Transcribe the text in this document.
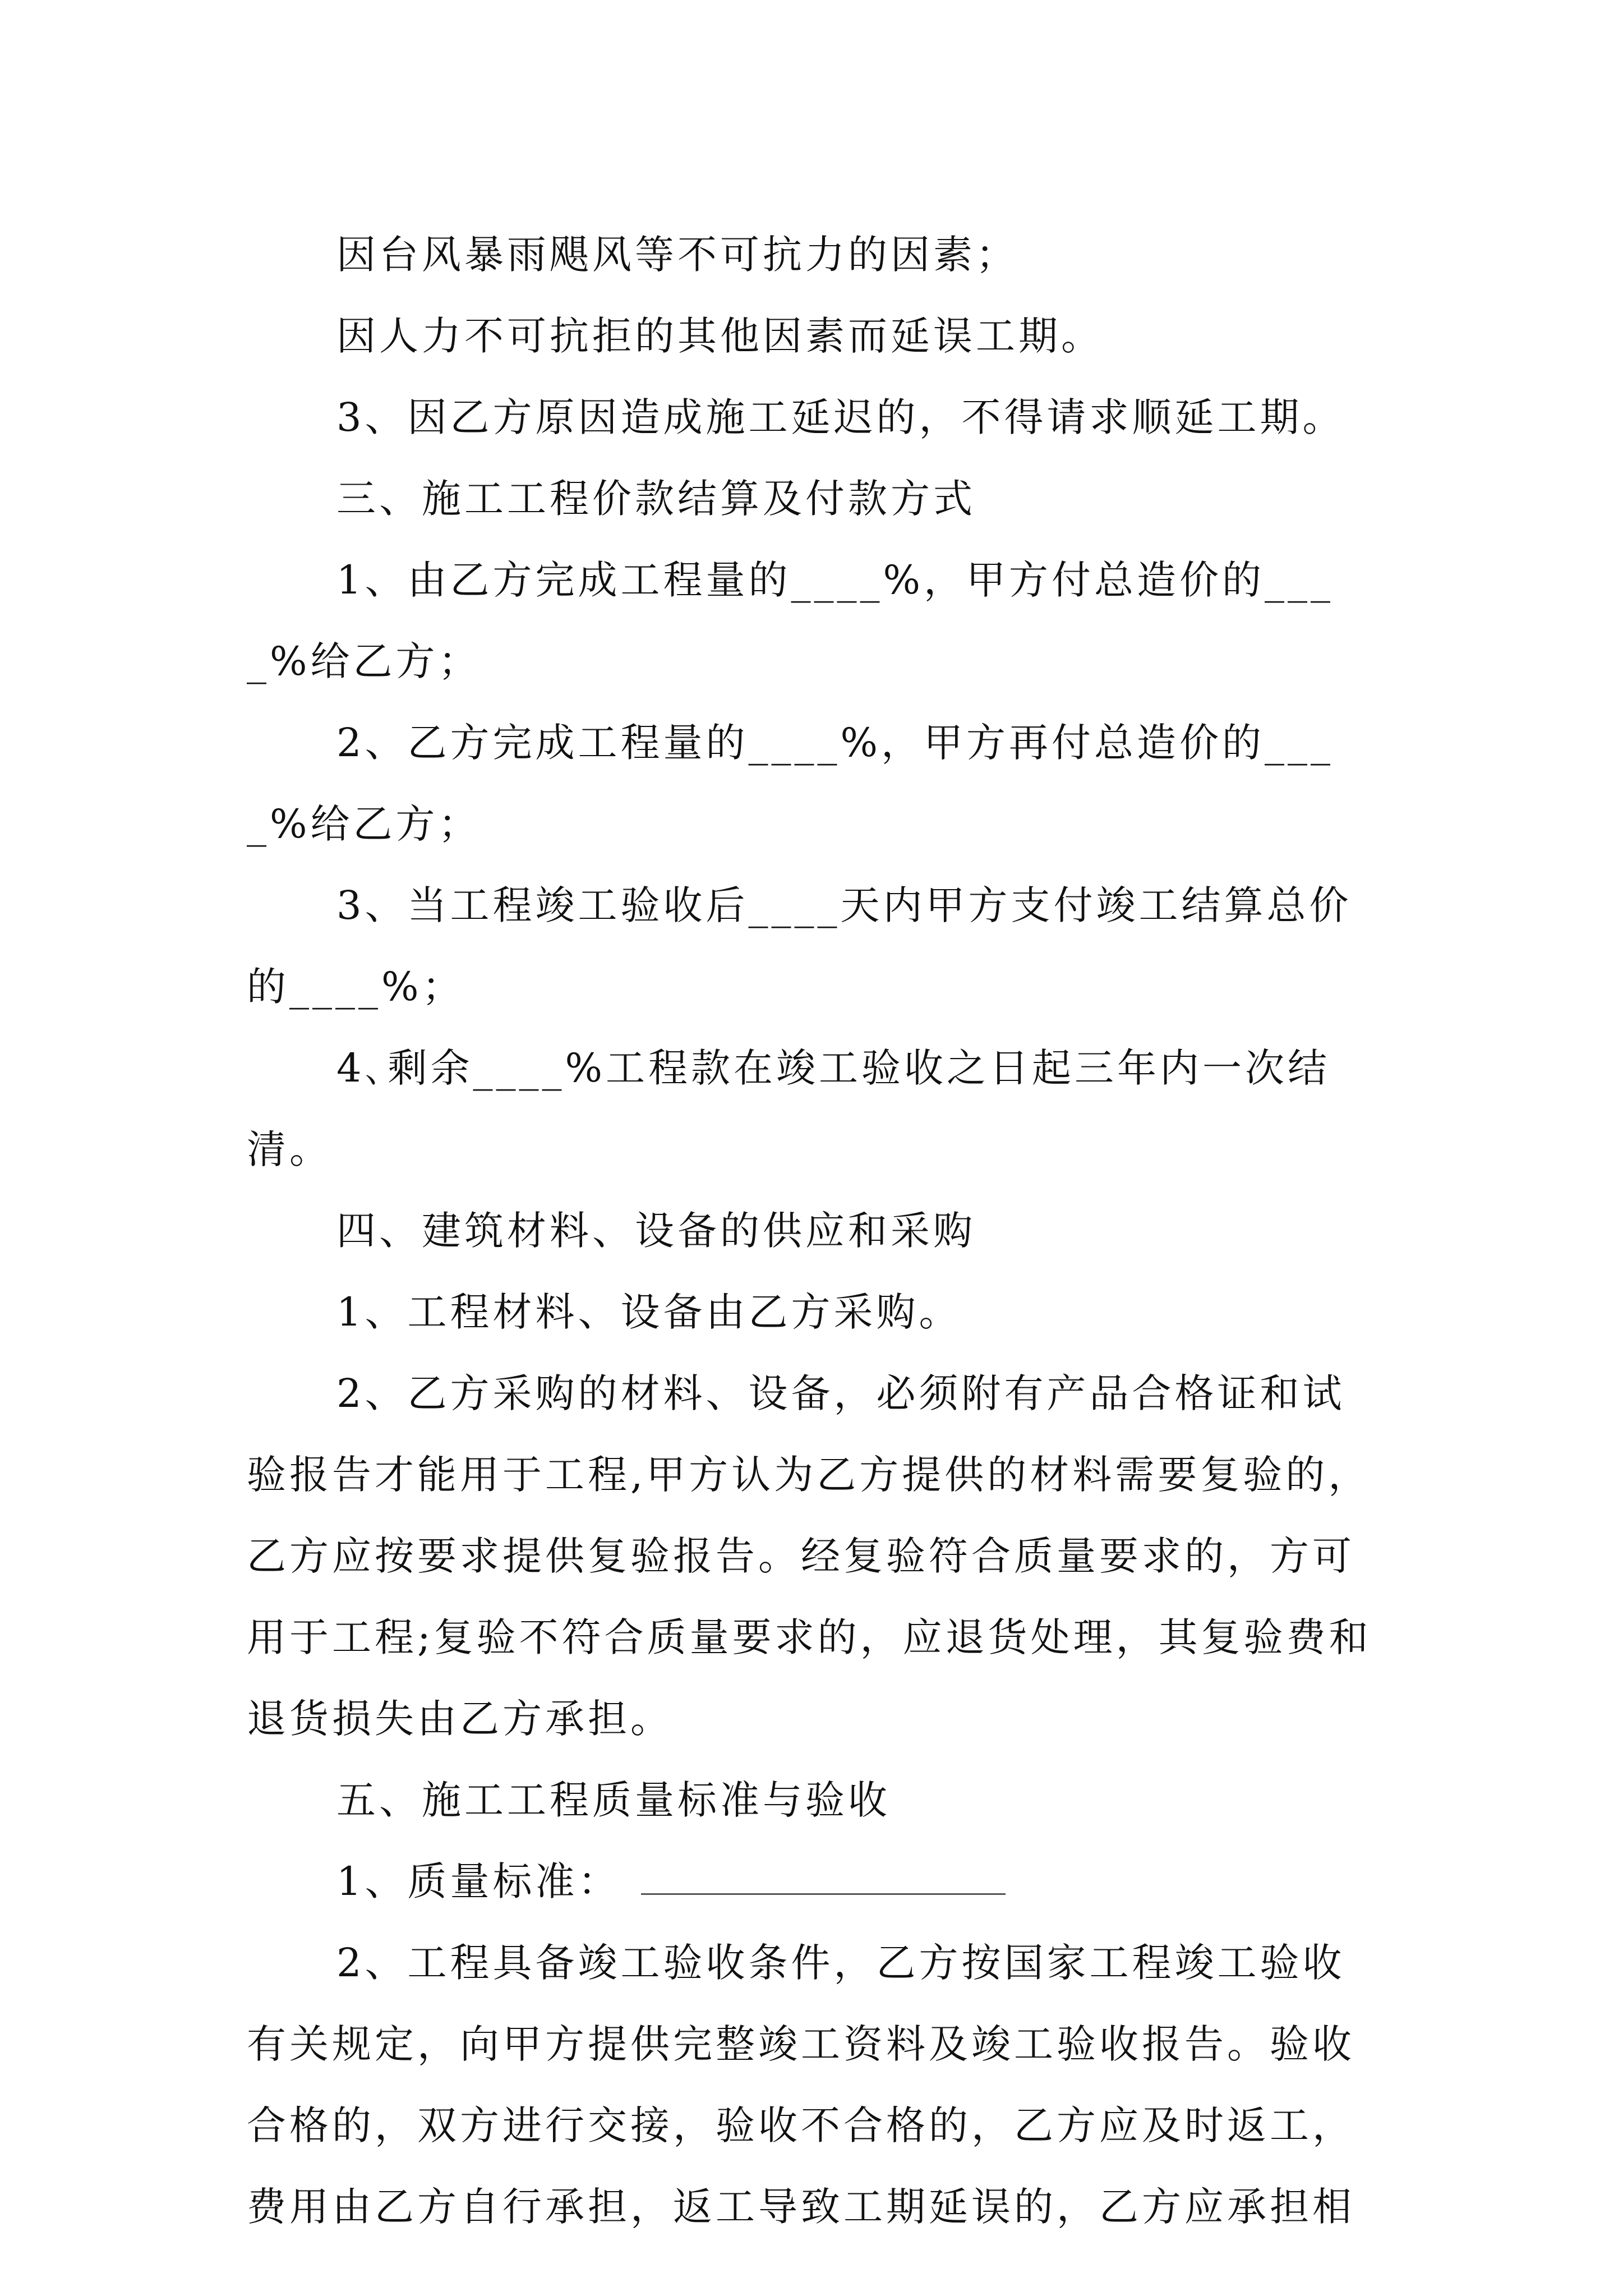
因台风暴雨飓风等不可抗力的因素；

因人力不可抗拒的其他因素而延误工期。

3、因乙方原因造成施工延迟的，不得请求顺延工期。

三、施工工程价款结算及付款方式

1、由乙方完成工程量的____%，甲方付总造价的____%给乙方；

2、乙方完成工程量的____%，甲方再付总造价的____%给乙方；

3、当工程竣工验收后____天内甲方支付竣工结算总价的____%；

4､剩余____%工程款在竣工验收之日起三年内一次结清。

四、建筑材料、设备的供应和采购

1、工程材料、设备由乙方采购。

2、乙方采购的材料、设备，必须附有产品合格证和试验报告才能用于工程,甲方认为乙方提供的材料需要复验的，乙方应按要求提供复验报告。经复验符合质量要求的，方可用于工程;复验不符合质量要求的，应退货处理，其复验费和退货损失由乙方承担。

五、施工工程质量标准与验收

1、质量标准：

2、工程具备竣工验收条件，乙方按国家工程竣工验收有关规定，向甲方提供完整竣工资料及竣工验收报告。验收合格的，双方进行交接，验收不合格的，乙方应及时返工，费用由乙方自行承担，返工导致工期延误的，乙方应承担相
